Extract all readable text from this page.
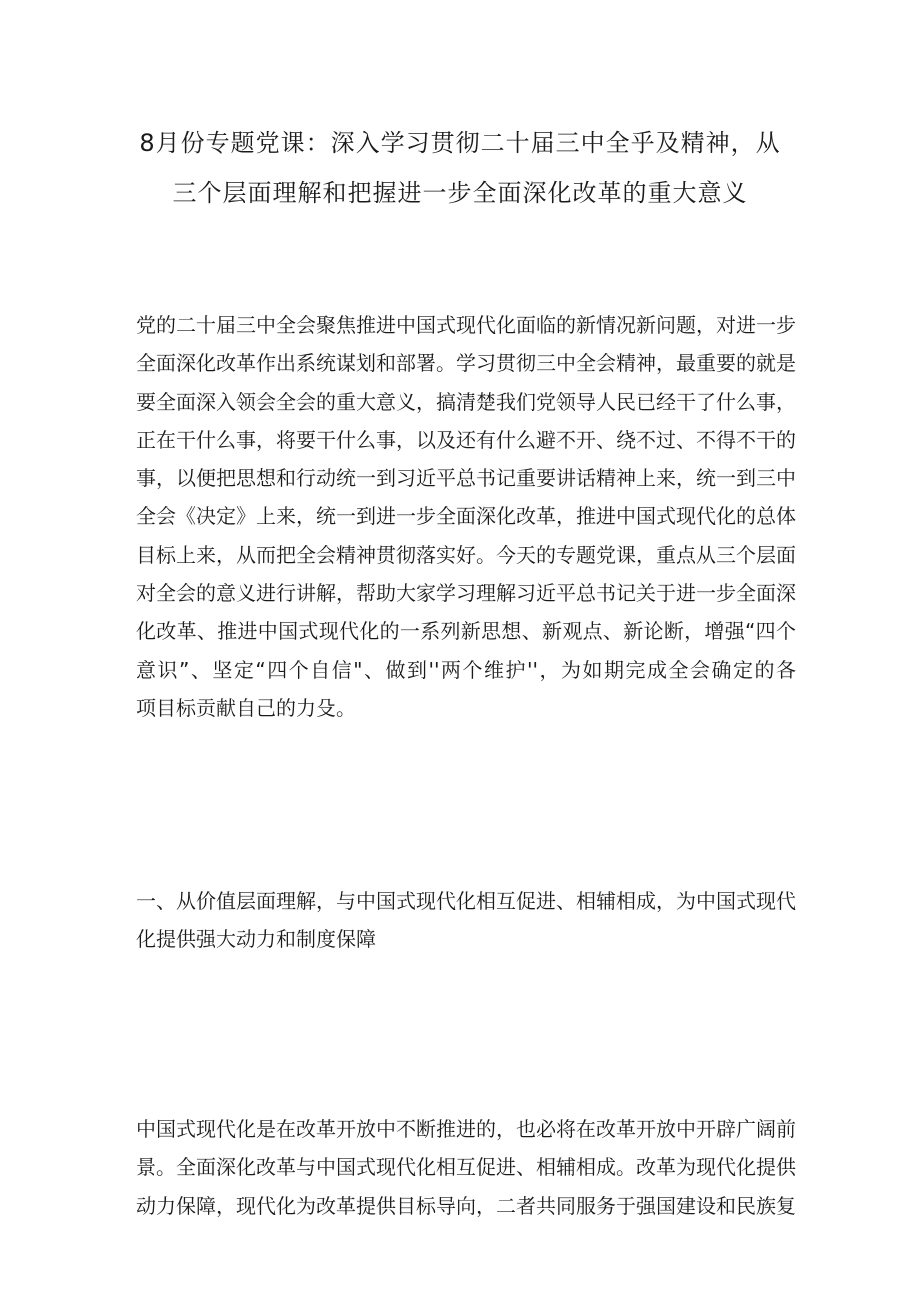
8月份专题党课：深入学习贯彻二十届三中全乎及精神，从
三个层面理解和把握进一步全面深化改革的重大意义
党的二十届三中全会聚焦推进中国式现代化面临的新情况新问题，对进一步
全面深化改革作出系统谋划和部署。学习贯彻三中全会精神，最重要的就是
要全面深入领会全会的重大意义，搞清楚我们党领导人民已经干了什么事，
正在干什么事，将要干什么事，以及还有什么避不开、绕不过、不得不干的
事，以便把思想和行动统一到习近平总书记重要讲话精神上来，统一到三中
全会《决定》上来，统一到进一步全面深化改革，推进中国式现代化的总体
目标上来，从而把全会精神贯彻落实好。今天的专题党课，重点从三个层面
对全会的意义进行讲解，帮助大家学习理解习近平总书记关于进一步全面深
化改革、推进中国式现代化的一系列新思想、新观点、新论断，增强“四个
意识”、坚定“四个自信"、做到''两个维护''，为如期完成全会确定的各
项目标贡献自己的力殳。
一、从价值层面理解，与中国式现代化相互促进、相辅相成，为中国式现代
化提供强大动力和制度保障
中国式现代化是在改革开放中不断推进的，也必将在改革开放中开辟广阔前
景。全面深化改革与中国式现代化相互促进、相辅相成。改革为现代化提供
动力保障，现代化为改革提供目标导向，二者共同服务于强国建设和民族复
